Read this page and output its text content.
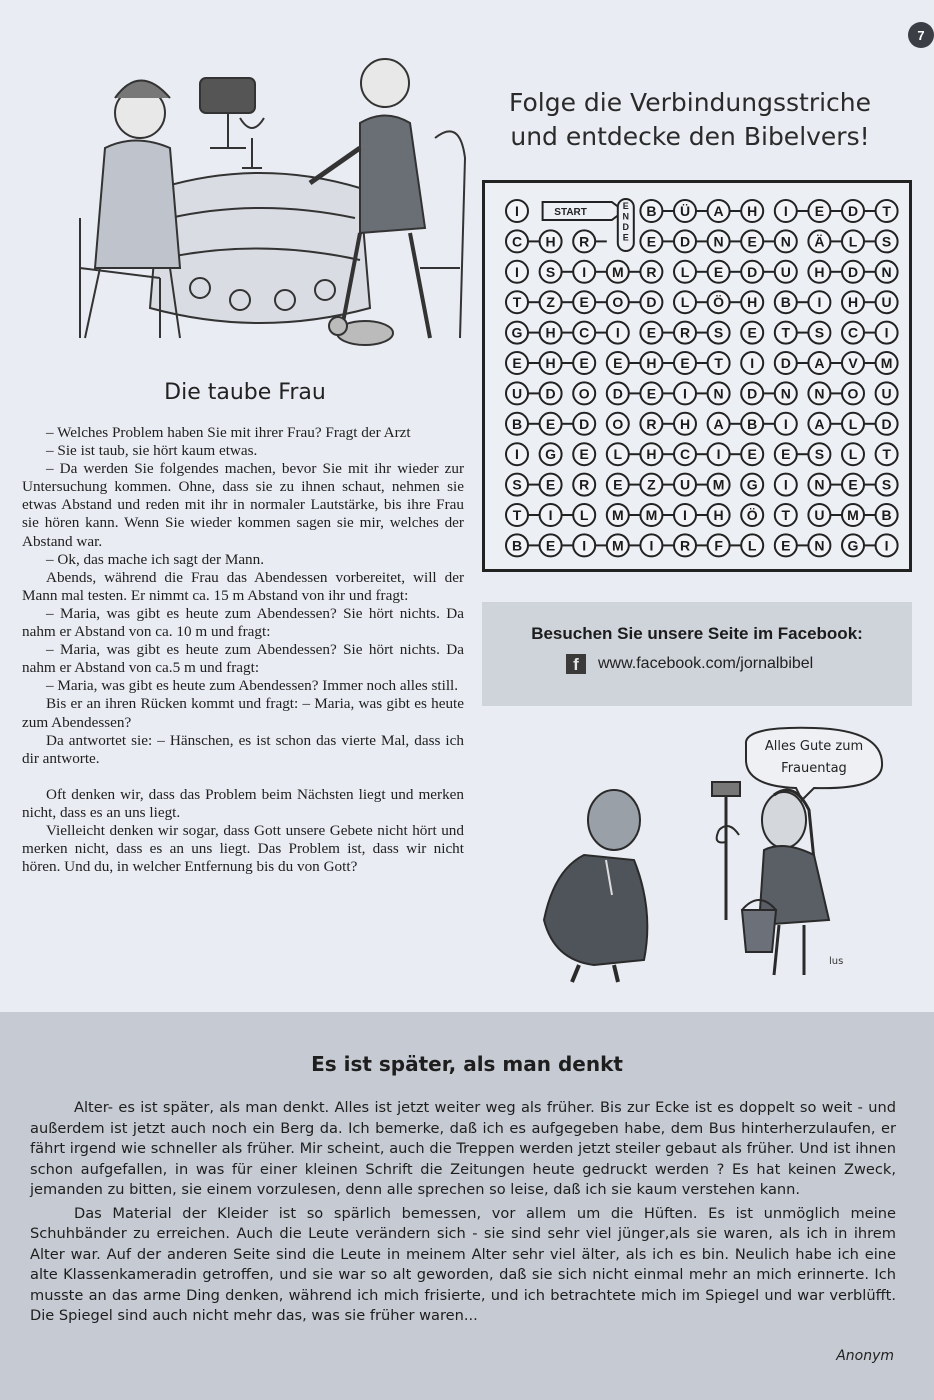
7
Die taube Frau

– Welches Problem haben Sie mit ihrer Frau? Fragt der Arzt

– Sie ist taub, sie hört kaum etwas.

– Da werden Sie folgendes machen, bevor Sie mit ihr wieder zur Untersuchung kommen. Ohne, dass sie zu ihnen schaut, nehmen sie etwas Abstand und reden mit ihr in normaler Lautstärke, bis ihre Frau sie hören kann. Wenn Sie wieder kommen sagen sie mir, welches der Abstand war.

– Ok, das mache ich sagt der Mann.

Abends, während die Frau das Abendessen vorbereitet, will der Mann mal testen. Er nimmt ca. 15 m Abstand von ihr und fragt:

– Maria, was gibt es heute zum Abendessen? Sie hört nichts. Da nahm er Abstand von ca. 10 m und fragt:

– Maria, was gibt es heute zum Abendessen? Sie hört nichts. Da nahm er Abstand von ca.5 m und fragt:

– Maria, was gibt es heute zum Abendessen? Immer noch alles still.

Bis er an ihren Rücken kommt und fragt: – Maria, was gibt es heute zum Abendessen?

Da antwortet sie: – Hänschen, es ist schon das vierte Mal, dass ich dir antworte.

Oft denken wir, dass das Problem beim Nächsten liegt und merken nicht, dass es an uns liegt.

Vielleicht denken wir sogar, dass Gott unsere Gebete nicht hört und merken nicht, dass es an uns liegt. Das Problem ist, dass wir nicht hören. Und du, in welcher Entfernung bis du von Gott?

Folge die Verbindungsstriche
und entdecke den Bibelvers!
START
E
N
D
E
I	B Ü A H I E D T
C H R	E D N E N Ä L S
I S I M R L E D U H D N
T Z E O D L Ö H B I H U
G H C I E R S E T S C I
E H E E H E T I D A V M
U D O D E I N D N N O U
B E D O R H A B I A L D
I G E L H C I E E S L T
S E R E Z U M G I N E S
T I L M M I H Ö T U M B
B E I M I R F L E N G I
Besuchen Sie unsere Seite im Facebook:
f	www.facebook.com/jornalbibel
Alles Gute zum
Frauentag
lus
Es ist später, als man denkt

Alter- es ist später, als man denkt. Alles ist jetzt weiter weg als früher. Bis zur Ecke ist es doppelt so weit - und außerdem ist jetzt auch noch ein Berg da. Ich bemerke, daß ich es aufgegeben habe, dem Bus hinterherzulaufen, er fährt irgend wie schneller als früher. Mir scheint, auch die Treppen werden jetzt steiler gebaut als früher. Und ist ihnen schon aufgefallen, in was für einer kleinen Schrift die Zeitungen heute gedruckt werden ? Es hat keinen Zweck, jemanden zu bitten, sie einem vorzulesen, denn alle sprechen so leise, daß ich sie kaum verstehen kann.

Das Material der Kleider ist so spärlich bemessen, vor allem um die Hüften. Es ist unmöglich meine Schuhbänder zu erreichen. Auch die Leute verändern sich - sie sind sehr viel jünger,als sie waren, als ich in ihrem Alter war. Auf der anderen Seite sind die Leute in meinem Alter sehr viel älter, als ich es bin. Neulich habe ich eine alte Klassenkameradin getroffen, und sie war so alt geworden, daß sie sich nicht einmal mehr an mich erinnerte. Ich musste an das arme Ding denken, während ich mich frisierte, und ich betrachtete mich im Spiegel und war verblüfft. Die Spiegel sind auch nicht mehr das, was sie früher waren...

Anonym
